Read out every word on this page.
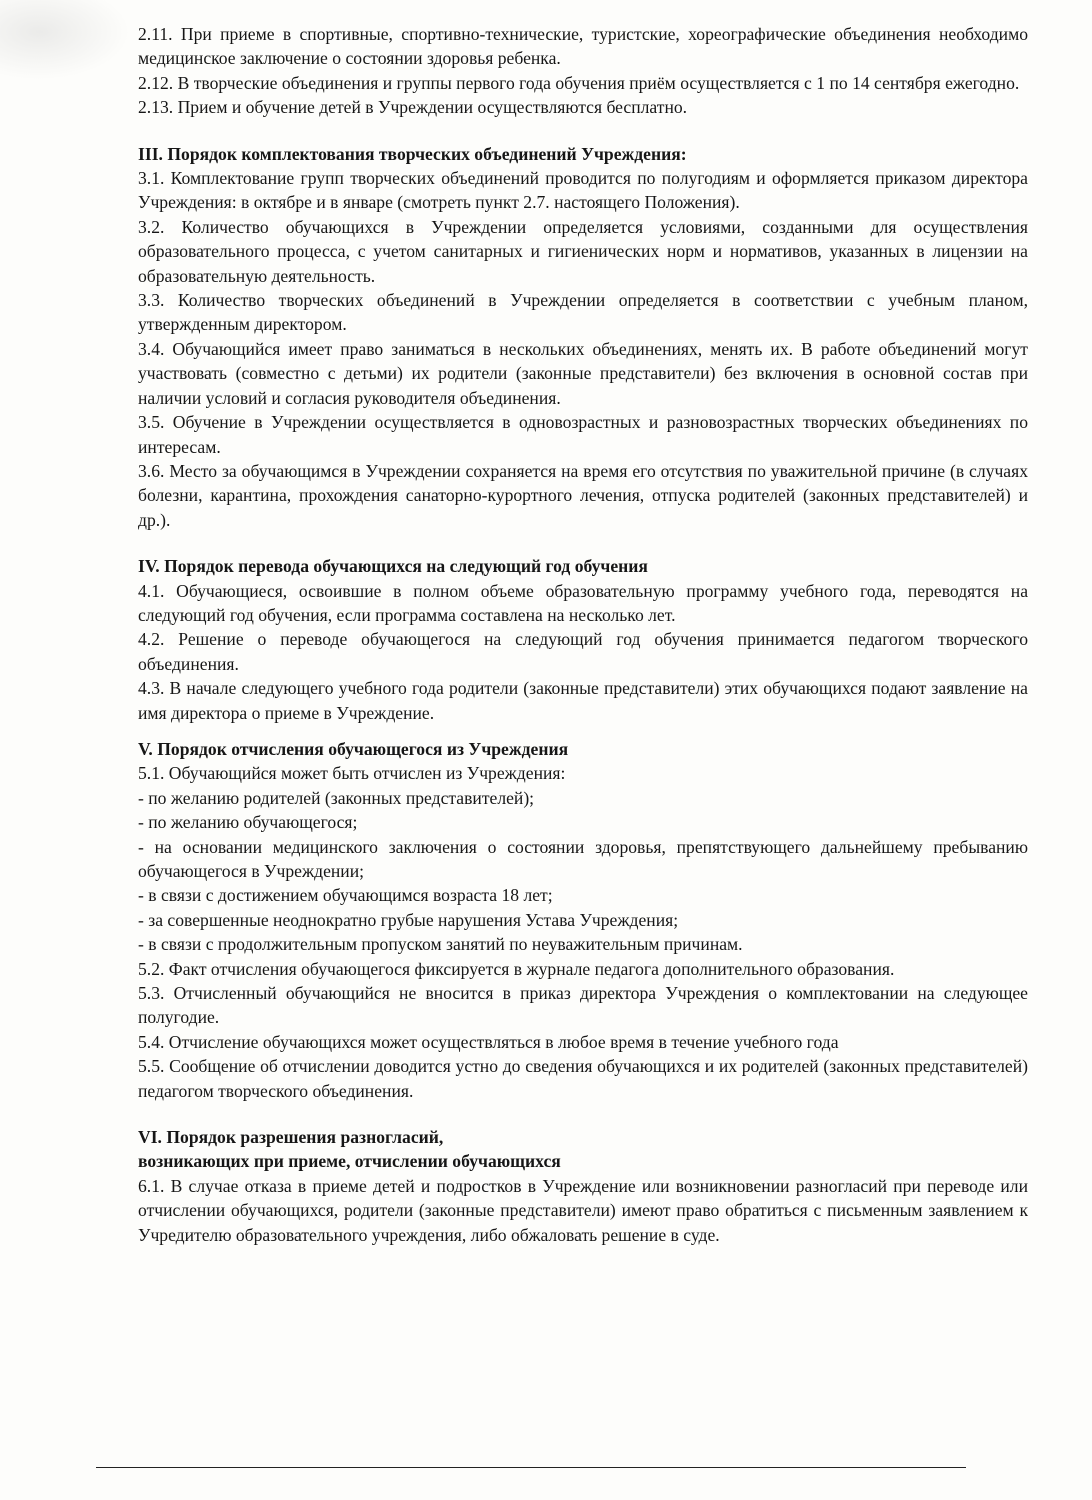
2.11. При приеме в спортивные, спортивно-технические, туристские, хореографические объединения необходимо медицинское заключение о состоянии здоровья ребенка.

2.12. В творческие объединения и группы первого года обучения приём осуществляется с 1 по 14 сентября ежегодно.

2.13. Прием и обучение детей в Учреждении осуществляются бесплатно.

III. Порядок комплектования творческих объединений Учреждения:

3.1. Комплектование групп творческих объединений проводится по полугодиям и оформляется приказом директора Учреждения: в октябре и в январе (смотреть пункт 2.7. настоящего Положения).

3.2. Количество обучающихся в Учреждении определяется условиями, созданными для осуществления образовательного процесса, с учетом санитарных и гигиенических норм и нормативов, указанных в лицензии на образовательную деятельность.

3.3. Количество творческих объединений в Учреждении определяется в соответствии с учебным планом, утвержденным директором.

3.4. Обучающийся имеет право заниматься в нескольких объединениях, менять их. В работе объединений могут участвовать (совместно с детьми) их родители (законные представители) без включения в основной состав при наличии условий и согласия руководителя объединения.

3.5. Обучение в Учреждении осуществляется в одновозрастных и разновозрастных творческих объединениях по интересам.

3.6. Место за обучающимся в Учреждении сохраняется на время его отсутствия по уважительной причине (в случаях болезни, карантина, прохождения санаторно-курортного лечения, отпуска родителей (законных представителей) и др.).

IV. Порядок перевода обучающихся на следующий год обучения

4.1. Обучающиеся, освоившие в полном объеме образовательную программу учебного года, переводятся на следующий год обучения, если программа составлена на несколько лет.

4.2. Решение о переводе обучающегося на следующий год обучения принимается педагогом творческого объединения.

4.3. В начале следующего учебного года родители (законные представители) этих обучающихся подают заявление на имя директора о приеме в Учреждение.

V. Порядок отчисления обучающегося из Учреждения

5.1. Обучающийся может быть отчислен из Учреждения:

- по желанию родителей (законных представителей);

- по желанию обучающегося;

- на основании медицинского заключения о состоянии здоровья, препятствующего дальнейшему пребыванию обучающегося в Учреждении;

- в связи с достижением обучающимся возраста 18 лет;

- за совершенные неоднократно грубые нарушения Устава Учреждения;

- в связи с продолжительным пропуском занятий по неуважительным причинам.

5.2. Факт отчисления обучающегося фиксируется в журнале педагога дополнительного образования.

5.3. Отчисленный обучающийся не вносится в приказ директора Учреждения о комплектовании на следующее полугодие.

5.4. Отчисление обучающихся может осуществляться в любое время в течение учебного года

5.5. Сообщение об отчислении доводится устно до сведения обучающихся и их родителей (законных представителей) педагогом творческого объединения.

VI. Порядок разрешения разногласий,

возникающих при приеме, отчислении обучающихся

6.1. В случае отказа в приеме детей и подростков в Учреждение или возникновении разногласий при переводе или отчислении обучающихся, родители (законные представители) имеют право обратиться с письменным заявлением к Учредителю образовательного учреждения, либо обжаловать решение в суде.
